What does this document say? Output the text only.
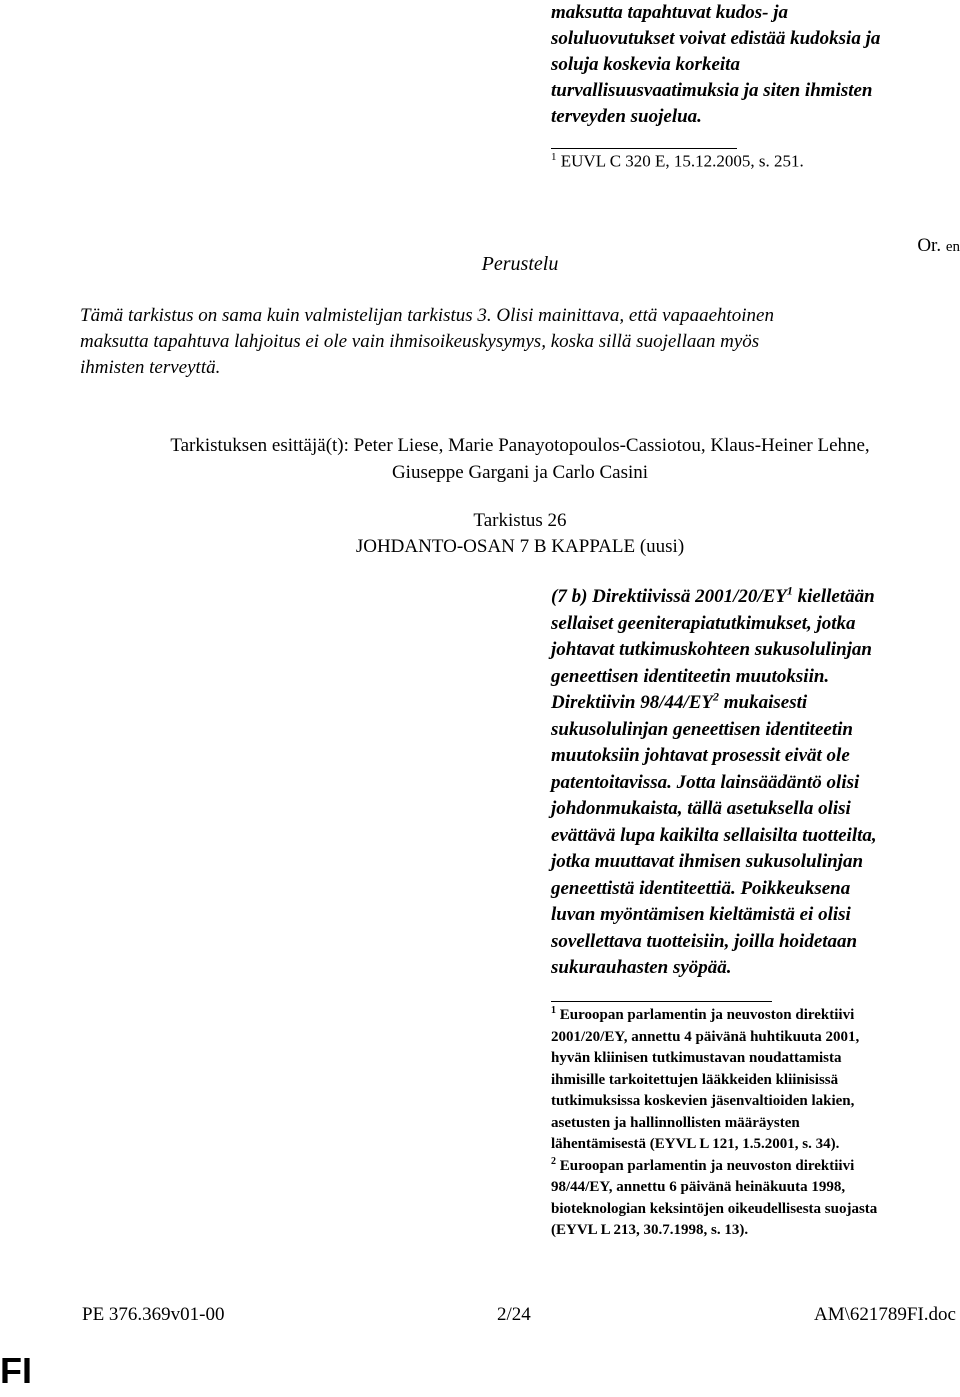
maksutta tapahtuvat kudos- ja
soluluovutukset voivat edistää kudoksia ja
soluja koskevia korkeita
turvallisuusvaatimuksia ja siten ihmisten
terveyden suojelua.
$^1$ EUVL C 320 E, 15.12.2005, s. 251.
Or. en
Perustelu
Tämä tarkistus on sama kuin valmistelijan tarkistus 3. Olisi mainittava, että vapaaehtoinen
maksutta tapahtuva lahjoitus ei ole vain ihmisoikeuskysymys, koska sillä suojellaan myös
ihmisten terveyttä.
Tarkistuksen esittäjä(t): Peter Liese, Marie Panayotopoulos-Cassiotou, Klaus-Heiner Lehne,
Giuseppe Gargani ja Carlo Casini
Tarkistus 26
JOHDANTO-OSAN 7 B KAPPALE (uusi)
(7 b) Direktiivissä $2001/20/EY^1$ kielletään
sellaiset geeniterapiatutkimukset, jotka
johtavat tutkimuskohteen sukusolulinjan
geneettisen identiteetin muutoksiin.
Direktiivin $98/44/EY^2$ mukaisesti
sukusolulinjan geneettisen identiteetin
muutoksiin johtavat prosessit eivät ole
patentoitavissa. Jotta lainsäädäntö olisi
johdonmukaista, tällä asetuksella olisi
evättävä lupa kaikilta sellaisilta tuotteilta,
jotka muuttavat ihmisen sukusolulinjan
geneettistä identiteettiä. Poikkeuksena
luvan myöntämisen kieltämistä ei olisi
sovellettava tuotteisiin, joilla hoidetaan
sukurauhasten syöpää.
$^1$ Euroopan parlamentin ja neuvoston direktiivi
2001/20/EY, annettu 4 päivänä huhtikuuta 2001,
hyvän kliinisen tutkimustavan noudattamista
ihmisille tarkoitettujen lääkkeiden kliinisissä
tutkimuksissa koskevien jäsenvaltioiden lakien,
asetusten ja hallinnollisten määräysten
lähentämisestä (EYVL L 121, 1.5.2001, s. 34).
$^2$ Euroopan parlamentin ja neuvoston direktiivi
98/44/EY, annettu 6 päivänä heinäkuuta 1998,
bioteknologian keksintöjen oikeudellisesta suojasta
(EYVL L 213, 30.7.1998, s. 13).
PE 376.369v01-00	2/24	AM\621789FI.doc
FI
